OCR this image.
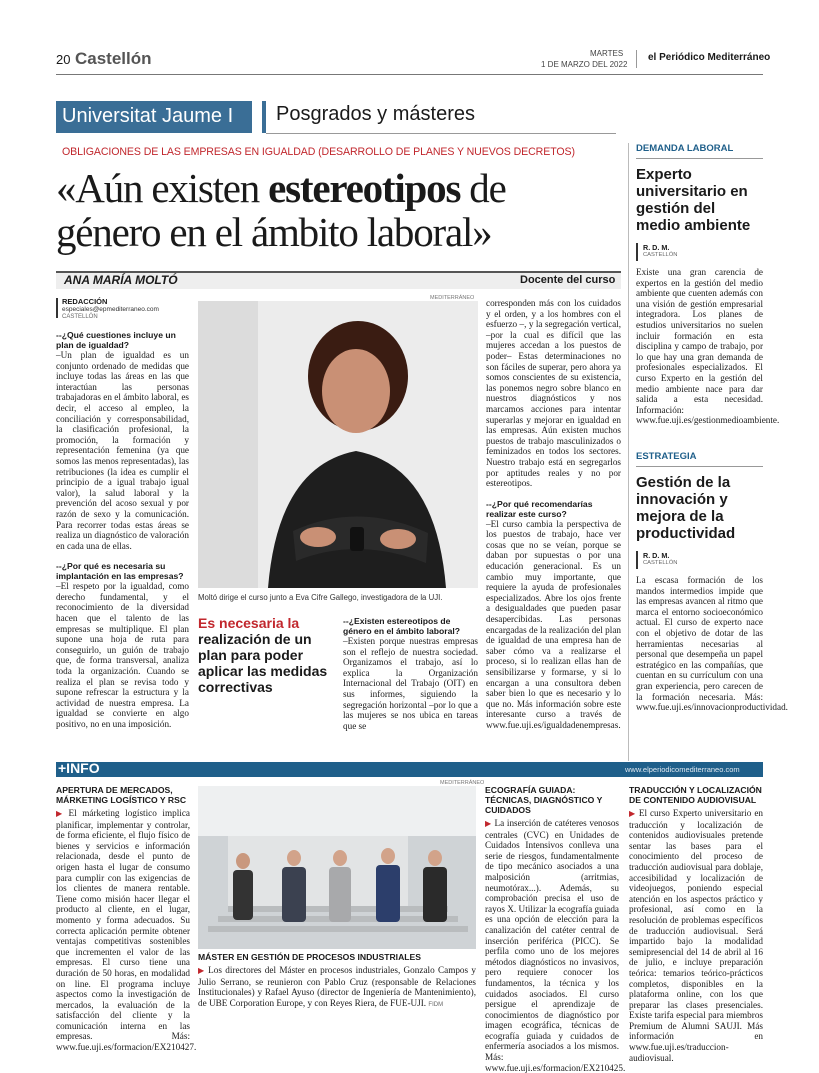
20 Castellón	MARTES
1 DE MARZO DEL 2022
el Periódico Mediterráneo
Universitat Jaume I	Posgrados y másteres
OBLIGACIONES DE LAS EMPRESAS EN IGUALDAD (DESARROLLO DE PLANES Y NUEVOS DECRETOS)
«Aún existen estereotipos de
género en el ámbito laboral»
ANA MARÍA MOLTÓ	Docente del curso
REDACCIÓN
especiales@epmediterraneo.com
CASTELLÓN
--¿Qué cuestiones incluye un plan de igualdad?

–Un plan de igualdad es un conjunto ordenado de medidas que incluye todas las áreas en las que interactúan las personas trabajadoras en el ámbito laboral, es decir, el acceso al empleo, la conciliación y corresponsabilidad, la clasificación profesional, la promoción, la formación y representación femenina (ya que somos las menos representadas), las retribuciones (la idea es cumplir el principio de a igual trabajo igual valor), la salud laboral y la prevención del acoso sexual y por razón de sexo y la comunicación. Para recorrer todas estas áreas se realiza un diagnóstico de valoración en cada una de ellas.

--¿Por qué es necesaria su implantación en las empresas?

–El respeto por la igualdad, como derecho fundamental, y el reconocimiento de la diversidad hacen que el talento de las empresas se multiplique. El plan supone una hoja de ruta para conseguirlo, un guión de trabajo que, de forma transversal, analiza toda la organización. Cuando se realiza el plan se revisa todo y supone refrescar la estructura y la actividad de nuestra empresa. La igualdad se convierte en algo positivo, no en una imposición.

MEDITERRÁNEO
Moltó dirige el curso junto a Eva Cifre Gallego, investigadora de la UJI.
Es necesaria la
realización de un plan para poder aplicar las medidas correctivas
--¿Existen estereotipos de género en el ámbito laboral?

–Existen porque nuestras empresas son el reflejo de nuestra sociedad. Organizamos el trabajo, así lo explica la Organización Internacional del Trabajo (OIT) en sus informes, siguiendo la segregación horizontal –por lo que a las mujeres se nos ubica en tareas que se

corresponden más con los cuidados y el orden, y a los hombres con el esfuerzo –, y la segregación vertical, –por la cual es difícil que las mujeres accedan a los puestos de poder– Estas determinaciones no son fáciles de superar, pero ahora ya somos conscientes de su existencia, las ponemos negro sobre blanco en nuestros diagnósticos y nos marcamos acciones para intentar superarlas y mejorar en igualdad en las empresas. Aún existen muchos puestos de trabajo masculinizados o feminizados en todos los sectores. Nuestro trabajo está en segregarlos por aptitudes reales y no por estereotipos.

--¿Por qué recomendarías realizar este curso?

–El curso cambia la perspectiva de los puestos de trabajo, hace ver cosas que no se veían, porque se daban por supuestas o por una educación generacional. Es un cambio muy importante, que requiere la ayuda de profesionales especializados. Abre los ojos frente a desigualdades que pueden pasar desapercibidas. Las personas encargadas de la realización del plan de igualdad de una empresa han de saber cómo va a realizarse el proceso, si lo realizan ellas han de sensibilizarse y formarse, y si lo encargan a una consultora deben saber bien lo que es necesario y lo que no. Más información sobre este interesante curso a través de www.fue.uji.es/igualdadenempresas.

DEMANDA LABORAL
Experto universitario en gestión del medio ambiente
R. D. M.
CASTELLÓN

Existe una gran carencia de expertos en la gestión del medio ambiente que cuenten además con una visión de gestión empresarial integradora. Los planes de estudios universitarios no suelen incluir formación en esta disciplina y campo de trabajo, por lo que hay una gran demanda de profesionales especializados. El curso Experto en la gestión del medio ambiente nace para dar salida a esta necesidad. Información: www.fue.uji.es/gestionmedioambiente.

ESTRATEGIA
Gestión de la innovación y mejora de la productividad
R. D. M.
CASTELLÓN

La escasa formación de los mandos intermedios impide que las empresas avancen al ritmo que marca el entorno socioeconómico actual. El curso de experto nace con el objetivo de dotar de las herramientas necesarias al personal que desempeña un papel estratégico en las compañías, que cuentan en su currículum con una gran experiencia, pero carecen de la formación necesaria. Más: www.fue.uji.es/innovacionproductividad.

+INFO	www.elperiodicomediterraneo.com
APERTURA DE MERCADOS, MÁRKETING LOGÍSTICO Y RSC

▶ El márketing logístico implica planificar, implementar y controlar, de forma eficiente, el flujo físico de bienes y servicios e información relacionada, desde el punto de origen hasta el lugar de consumo para cumplir con las exigencias de los clientes de manera rentable. Tiene como misión hacer llegar el producto al cliente, en el lugar, momento y forma adecuados. Su correcta aplicación permite obtener ventajas competitivas sostenibles que incrementen el valor de las empresas. El curso tiene una duración de 50 horas, en modalidad on line. El programa incluye aspectos como la investigación de mercados, la evaluación de la satisfacción del cliente y la comunicación interna en las empresas. Más: www.fue.uji.es/formacion/EX210427.

MEDITERRÁNEO
MÁSTER EN GESTIÓN DE PROCESOS INDUSTRIALES

▶ Los directores del Máster en procesos industriales, Gonzalo Campos y Julio Serrano, se reunieron con Pablo Cruz (responsable de Relaciones Institucionales) y Rafael Ayuso (director de Ingeniería de Mantenimiento), de UBE Corporation Europe, y con Reyes Riera, de FUE-UJI. FIDM

ECOGRAFÍA GUIADA: TÉCNICAS, DIAGNÓSTICO Y CUIDADOS

▶ La inserción de catéteres venosos centrales (CVC) en Unidades de Cuidados Intensivos conlleva una serie de riesgos, fundamentalmente de tipo mecánico asociados a una malposición (arritmias, neumotórax...). Además, su comprobación precisa el uso de rayos X. Utilizar la ecografía guiada es una opción de elección para la canalización del catéter central de inserción periférica (PICC). Se perfila como uno de los mejores métodos diagnósticos no invasivos, pero requiere conocer los fundamentos, la técnica y los cuidados asociados. El curso persigue el aprendizaje de conocimientos de diagnóstico por imagen ecográfica, técnicas de ecografía guiada y cuidados de enfermería asociados a los mismos. Más: www.fue.uji.es/formacion/EX210425.

TRADUCCIÓN Y LOCALIZACIÓN DE CONTENIDO AUDIOVISUAL

▶ El curso Experto universitario en traducción y localización de contenidos audiovisuales pretende sentar las bases para el conocimiento del proceso de traducción audiovisual para doblaje, accesibilidad y localización de videojuegos, poniendo especial atención en los aspectos práctico y profesional, así como en la resolución de problemas específicos de traducción audiovisual. Será impartido bajo la modalidad semipresencial del 14 de abril al 16 de julio, e incluye preparación teórica: temarios teórico-prácticos completos, disponibles en la plataforma online, con los que preparar las clases presenciales. Existe tarifa especial para miembros Premium de Alumni SAUJI. Más información en www.fue.uji.es/traduccion-audiovisual.
